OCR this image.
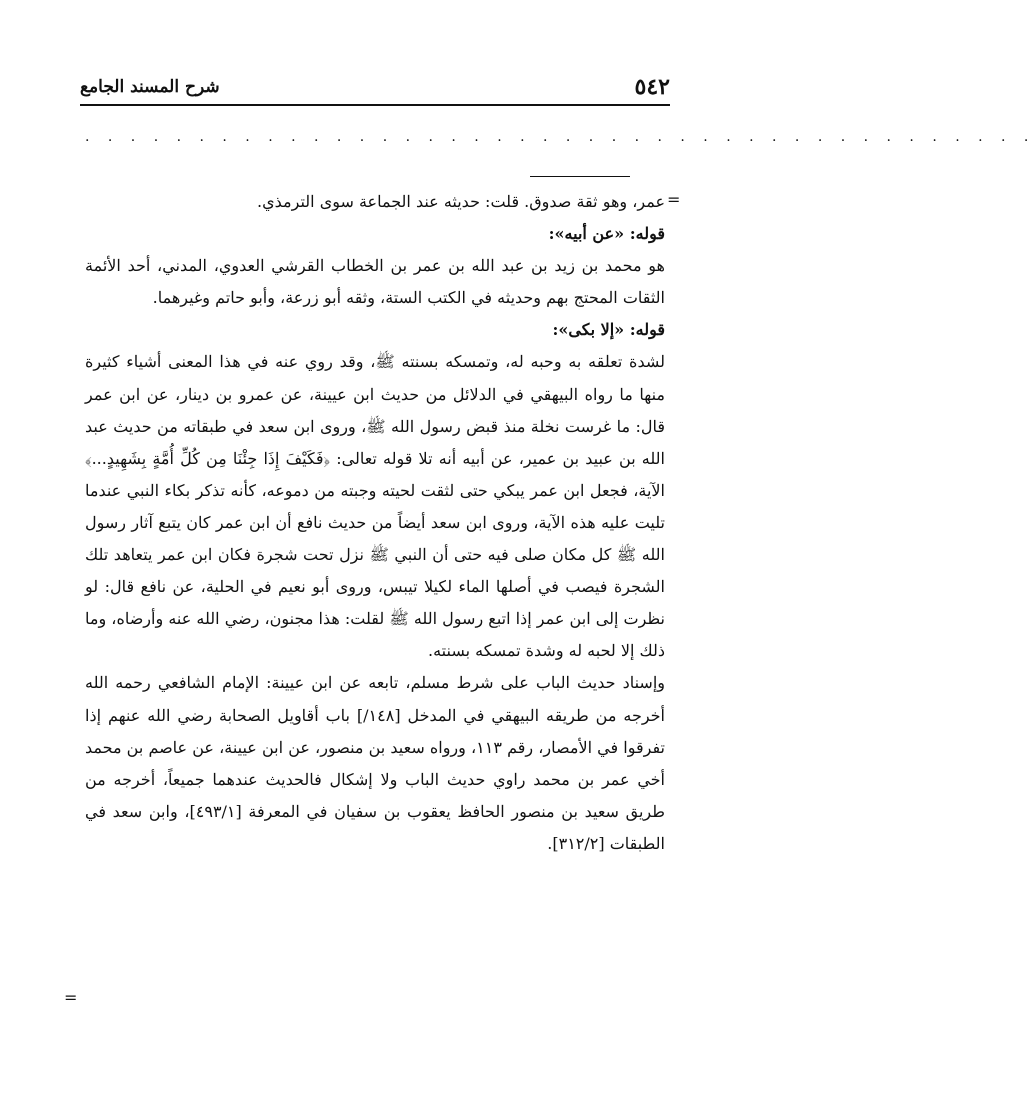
٥٤٢
شرح المسند الجامع
. . . . . . . . . . . . . . . . . . . . . . . . . . . . . . . . . . . . . . . . . .
=
=

عمر، وهو ثقة صدوق. قلت: حديثه عند الجماعة سوى الترمذي.

قوله: «عن أبيه»:

هو محمد بن زيد بن عبد الله بن عمر بن الخطاب القرشي العدوي، المدني، أحد الأئمة الثقات المحتج بهم وحديثه في الكتب الستة، وثقه أبو زرعة، وأبو حاتم وغيرهما.

قوله: «إلا بكى»:

لشدة تعلقه به وحبه له، وتمسكه بسنته ﷺ، وقد روي عنه في هذا المعنى أشياء كثيرة منها ما رواه البيهقي في الدلائل من حديث ابن عيينة، عن عمرو بن دينار، عن ابن عمر قال: ما غرست نخلة منذ قبض رسول الله ﷺ، وروى ابن سعد في طبقاته من حديث عبد الله بن عبيد بن عمير، عن أبيه أنه تلا قوله تعالى: ﴿فَكَيْفَ إِذَا جِئْنَا مِن كُلِّ أُمَّةٍ بِشَهِيدٍ...﴾ الآية، فجعل ابن عمر يبكي حتى لثقت لحيته وجبته من دموعه، كأنه تذكر بكاء النبي عندما تليت عليه هذه الآية، وروى ابن سعد أيضاً من حديث نافع أن ابن عمر كان يتبع آثار رسول الله ﷺ كل مكان صلى فيه حتى أن النبي ﷺ نزل تحت شجرة فكان ابن عمر يتعاهد تلك الشجرة فيصب في أصلها الماء لكيلا تيبس، وروى أبو نعيم في الحلية، عن نافع قال: لو نظرت إلى ابن عمر إذا اتبع رسول الله ﷺ لقلت: هذا مجنون، رضي الله عنه وأرضاه، وما ذلك إلا لحبه له وشدة تمسكه بسنته.

وإسناد حديث الباب على شرط مسلم، تابعه عن ابن عيينة: الإمام الشافعي رحمه الله أخرجه من طريقه البيهقي في المدخل [١٤٨/] باب أقاويل الصحابة رضي الله عنهم إذا تفرقوا في الأمصار، رقم ١١٣، ورواه سعيد بن منصور، عن ابن عيينة، عن عاصم بن محمد أخي عمر بن محمد راوي حديث الباب ولا إشكال فالحديث عندهما جميعاً، أخرجه من طريق سعيد بن منصور الحافظ يعقوب بن سفيان في المعرفة [٤٩٣/١]، وابن سعد في الطبقات [٣١٢/٢].
